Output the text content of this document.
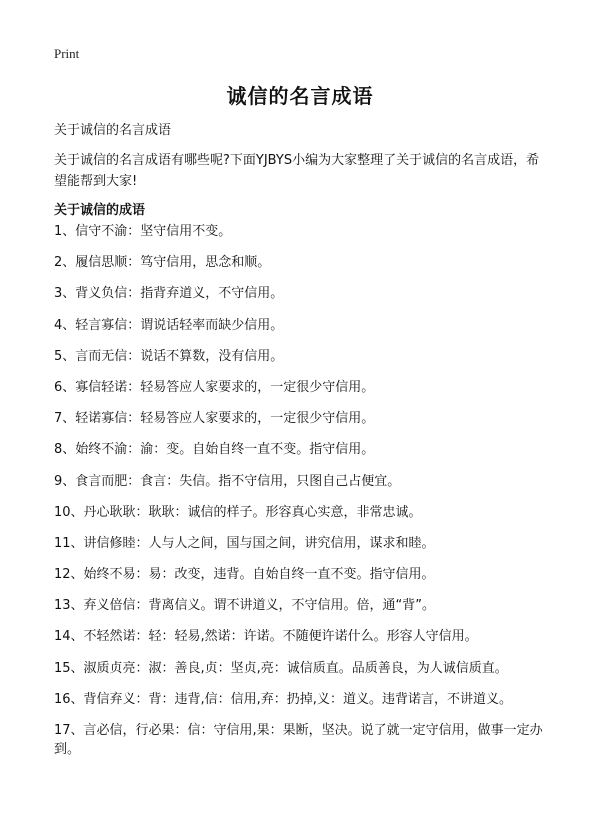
Print
诚信的名言成语
关于诚信的名言成语

关于诚信的名言成语有哪些呢?下面YJBYS小编为大家整理了关于诚信的名言成语，希望能帮到大家!

关于诚信的成语
1、信守不渝：坚守信用不变。
2、履信思顺：笃守信用，思念和顺。
3、背义负信：指背弃道义，不守信用。
4、轻言寡信：谓说话轻率而缺少信用。
5、言而无信：说话不算数，没有信用。
6、寡信轻诺：轻易答应人家要求的，一定很少守信用。
7、轻诺寡信：轻易答应人家要求的，一定很少守信用。
8、始终不渝：渝：变。自始自终一直不变。指守信用。
9、食言而肥：食言：失信。指不守信用，只图自己占便宜。
10、丹心耿耿：耿耿：诚信的样子。形容真心实意，非常忠诚。
11、讲信修睦：人与人之间，国与国之间，讲究信用，谋求和睦。
12、始终不易：易：改变，违背。自始自终一直不变。指守信用。
13、弃义倍信：背离信义。谓不讲道义，不守信用。倍，通“背”。
14、不轻然诺：轻：轻易,然诺：许诺。不随便许诺什么。形容人守信用。
15、淑质贞亮：淑：善良,贞：坚贞,亮：诚信质直。品质善良，为人诚信质直。
16、背信弃义：背：违背,信：信用,弃：扔掉,义：道义。违背诺言，不讲道义。
17、言必信，行必果：信：守信用,果：果断，坚决。说了就一定守信用，做事一定办到。
